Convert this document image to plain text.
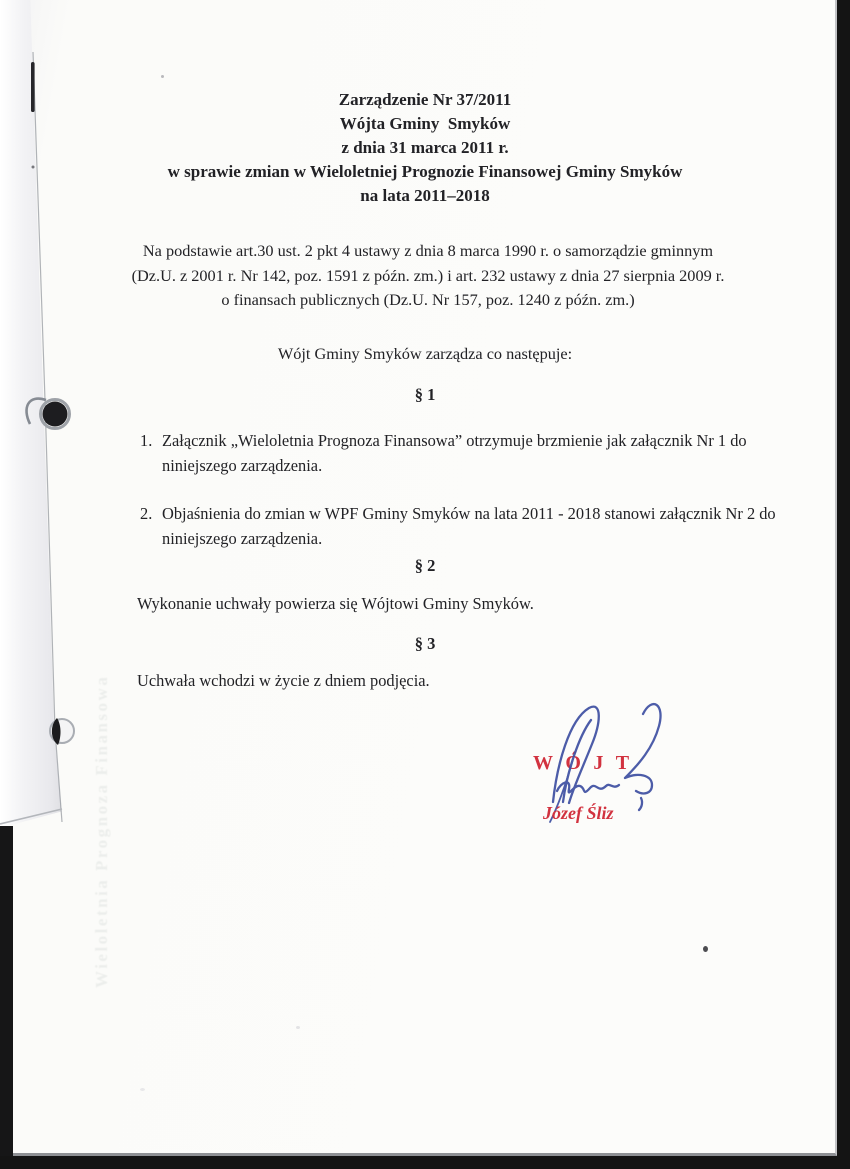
Wieloletnia Prognoza Finansowa
Zarządzenie Nr 37/2011
Wójta Gminy  Smyków
z dnia 31 marca 2011 r.
w sprawie zmian w Wieloletniej Prognozie Finansowej Gminy Smyków
na lata 2011–2018
Na podstawie art.30 ust. 2 pkt 4 ustawy z dnia 8 marca 1990 r. o samorządzie gminnym
(Dz.U. z 2001 r. Nr 142, poz. 1591 z późn. zm.) i art. 232 ustawy z dnia 27 sierpnia 2009 r.
o finansach publicznych (Dz.U. Nr 157, poz. 1240 z późn. zm.)
Wójt Gminy Smyków zarządza co następuje:
§ 1
1. Załącznik „Wieloletnia Prognoza Finansowa” otrzymuje brzmienie jak załącznik Nr 1 do niniejszego zarządzenia.
2. Objaśnienia do zmian w WPF Gminy Smyków na lata 2011 - 2018 stanowi załącznik Nr 2 do niniejszego zarządzenia.
§ 2
Wykonanie uchwały powierza się Wójtowi Gminy Smyków.
§ 3
Uchwała wchodzi w życie z dniem podjęcia.
WÓJT
Józef Śliz
